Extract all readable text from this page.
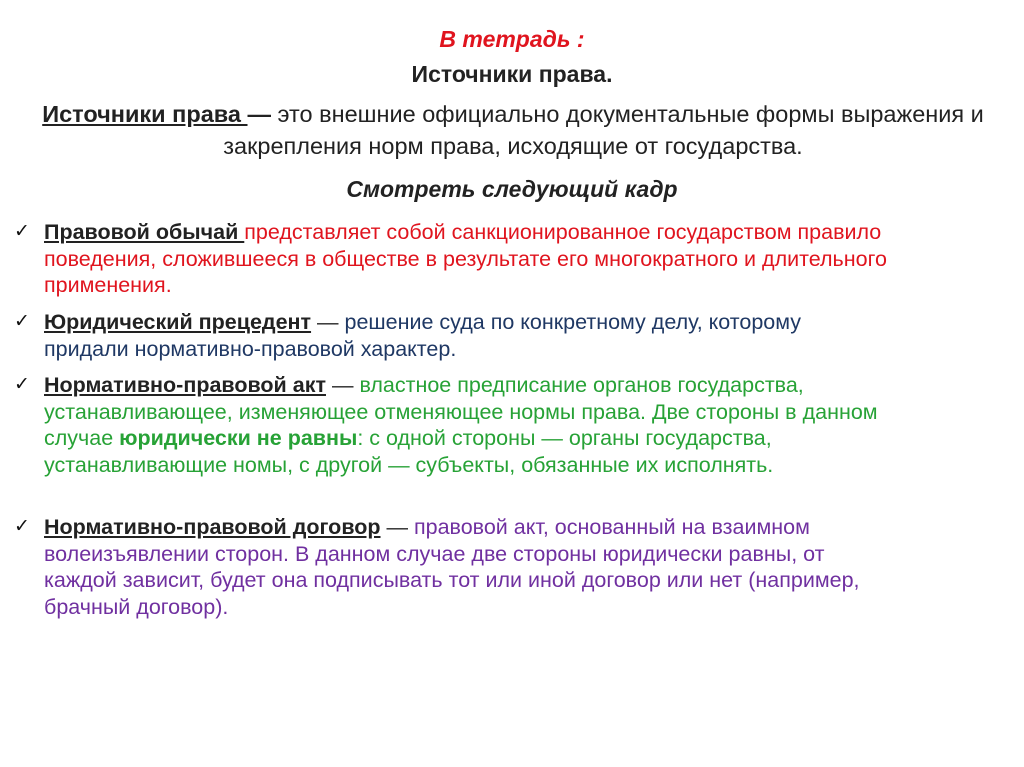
В тетрадь :
Источники права.
Источники права — это внешние официально документальные формы выражения и закрепления норм права, исходящие от государства.
Смотреть следующий кадр
✓ Правовой обычай представляет собой санкционированное государством правило поведения, сложившееся в обществе в результате его многократного и длительного применения.
✓ Юридический прецедент — решение суда по конкретному делу, которому придали нормативно-правовой характер.
✓ Нормативно-правовой акт — властное предписание органов государства, устанавливающее, изменяющее отменяющее нормы права. Две стороны в данном случае юридически не равны: с одной стороны — органы государства, устанавливающие номы, с другой — субъекты, обязанные их исполнять.
✓ Нормативно-правовой договор — правовой акт, основанный на взаимном волеизъявлении сторон. В данном случае две стороны юридически равны, от каждой зависит, будет она подписывать тот или иной договор или нет (например, брачный договор).
